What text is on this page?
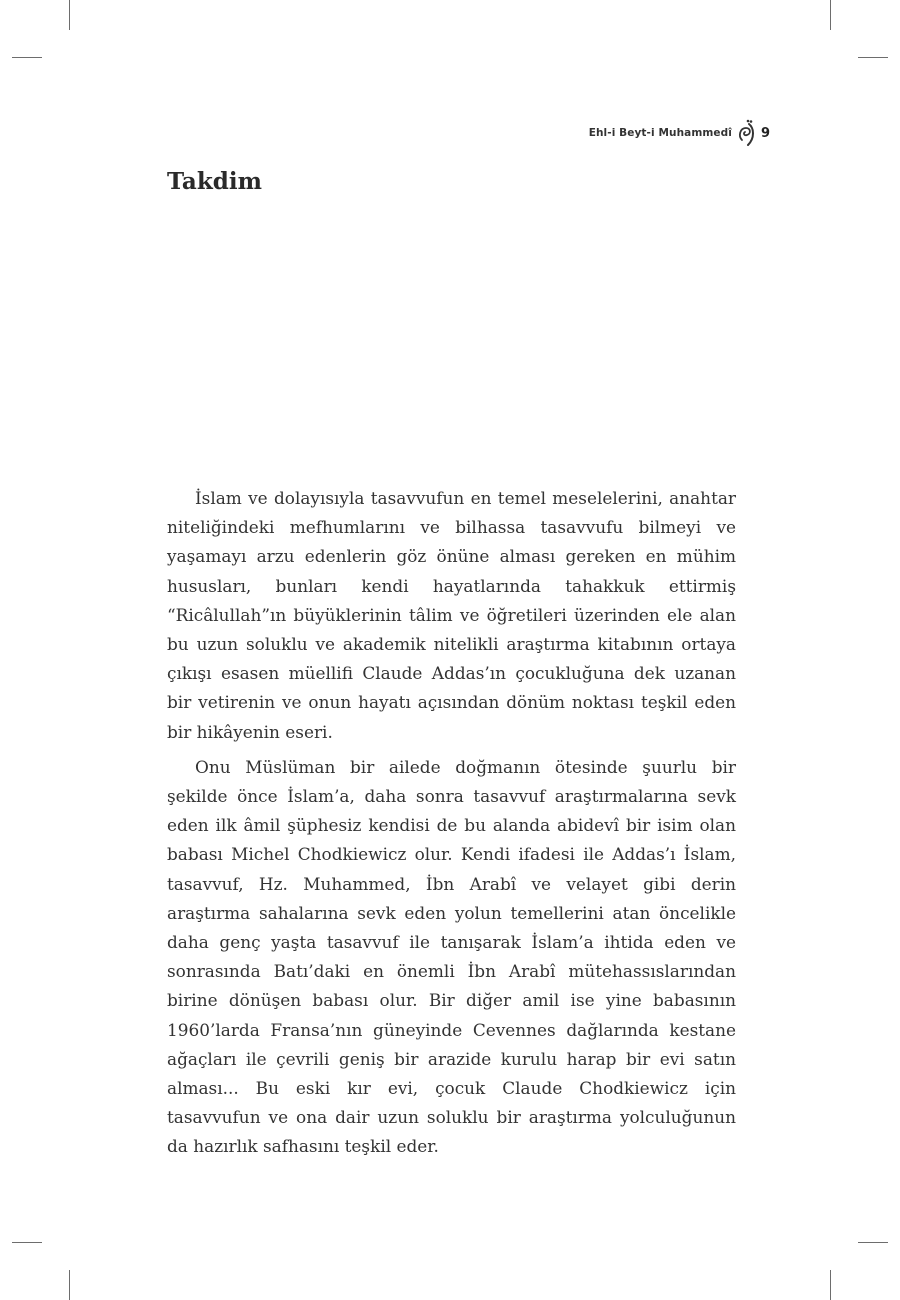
Ehl-i Beyt-i Muhammedî 9
Takdim

İslam ve dolayısıyla tasavvufun en temel meselelerini, anahtar niteliğindeki mefhumlarını ve bilhassa tasavvufu bilmeyi ve yaşamayı arzu edenlerin göz önüne alması gereken en mühim hususları, bunları kendi hayatlarında tahakkuk ettirmiş “Ricâlullah”ın büyüklerinin tâlim ve öğretileri üzerinden ele alan bu uzun soluklu ve akademik nitelikli araştırma kitabının ortaya çıkışı esasen müellifi Claude Addas’ın çocukluğuna dek uzanan bir vetirenin ve onun hayatı açısından dönüm noktası teşkil eden bir hikâyenin eseri.

Onu Müslüman bir ailede doğmanın ötesinde şuurlu bir şekilde önce İslam’a, daha sonra tasavvuf araştırmalarına sevk eden ilk âmil şüphesiz kendisi de bu alanda abidevî bir isim olan babası Michel Chodkiewicz olur. Kendi ifadesi ile Addas’ı İslam, tasavvuf, Hz. Muhammed, İbn Arabî ve velayet gibi derin araştırma sahalarına sevk eden yolun temellerini atan öncelikle daha genç yaşta tasavvuf ile tanışarak İslam’a ihtida eden ve sonrasında Batı’daki en önemli İbn Arabî mütehassıslarından birine dönüşen babası olur. Bir diğer amil ise yine babasının 1960’larda Fransa’nın güneyinde Cevennes dağlarında kestane ağaçları ile çevrili geniş bir arazide kurulu harap bir evi satın alması... Bu eski kır evi, çocuk Claude Chodkiewicz için tasavvufun ve ona dair uzun soluklu bir araştırma yolculuğunun da hazırlık safhasını teşkil eder.
